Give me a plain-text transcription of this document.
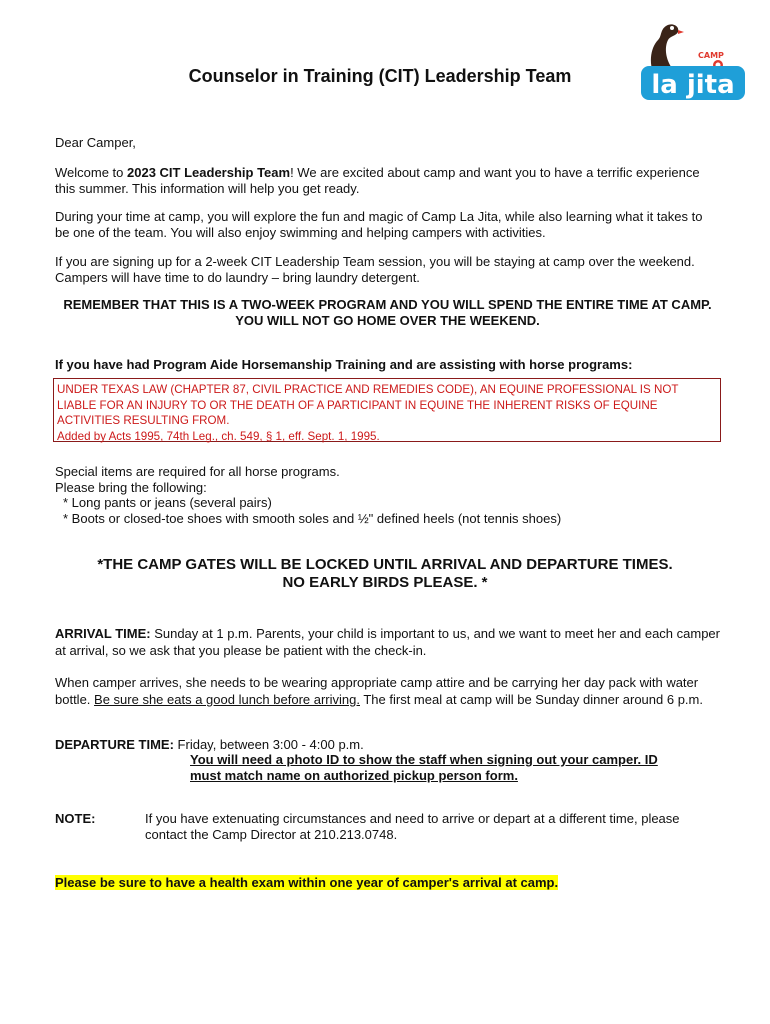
CAMP
la jita
Counselor in Training (CIT) Leadership Team

Dear Camper,

Welcome to 2023 CIT Leadership Team! We are excited about camp and want you to have a terrific experience this summer. This information will help you get ready.

During your time at camp, you will explore the fun and magic of Camp La Jita, while also learning what it takes to be one of the team. You will also enjoy swimming and helping campers with activities.

If you are signing up for a 2-week CIT Leadership Team session, you will be staying at camp over the weekend. Campers will have time to do laundry – bring laundry detergent.

REMEMBER THAT THIS IS A TWO-WEEK PROGRAM AND YOU WILL SPEND THE ENTIRE TIME AT CAMP. YOU WILL NOT GO HOME OVER THE WEEKEND.

If you have had Program Aide Horsemanship Training and are assisting with horse programs:

UNDER TEXAS LAW (CHAPTER 87, CIVIL PRACTICE AND REMEDIES CODE), AN EQUINE PROFESSIONAL IS NOT LIABLE FOR AN INJURY TO OR THE DEATH OF A PARTICIPANT IN EQUINE THE INHERENT RISKS OF EQUINE ACTIVITIES RESULTING FROM.
Added by Acts 1995, 74th Leg., ch. 549, § 1, eff. Sept. 1, 1995.
Special items are required for all horse programs.
Please bring the following:
* Long pants or jeans (several pairs)
* Boots or closed-toe shoes with smooth soles and ½" defined heels (not tennis shoes)
*THE CAMP GATES WILL BE LOCKED UNTIL ARRIVAL AND DEPARTURE TIMES.
NO EARLY BIRDS PLEASE. *

ARRIVAL TIME: Sunday at 1 p.m. Parents, your child is important to us, and we want to meet her and each camper at arrival, so we ask that you please be patient with the check-in.

When camper arrives, she needs to be wearing appropriate camp attire and be carrying her day pack with water bottle. Be sure she eats a good lunch before arriving. The first meal at camp will be Sunday dinner around 6 p.m.

DEPARTURE TIME: Friday, between 3:00 - 4:00 p.m.

You will need a photo ID to show the staff when signing out your camper. ID
must match name on authorized pickup person form.

NOTE:	If you have extenuating circumstances and need to arrive or depart at a different time, please contact the Camp Director at 210.213.0748.

Please be sure to have a health exam within one year of camper's arrival at camp.
